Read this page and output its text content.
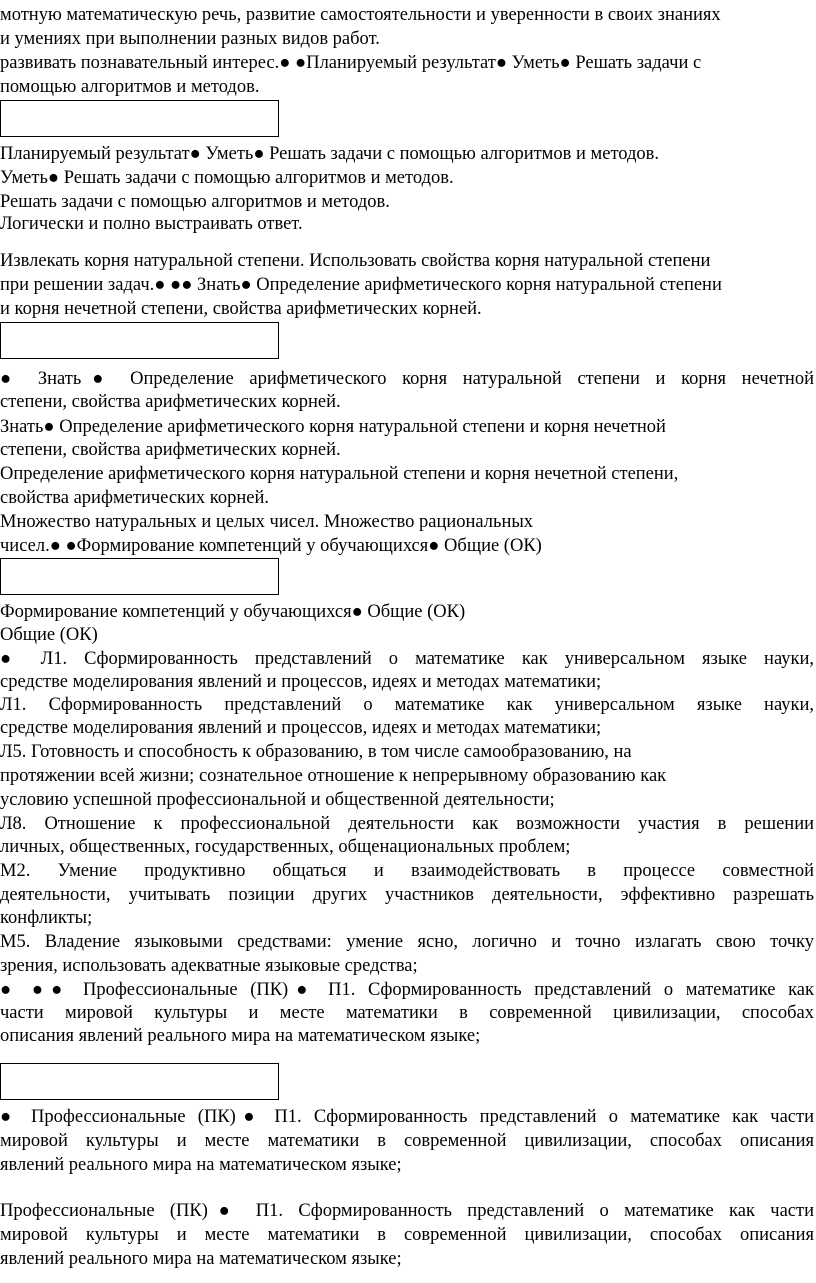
мотную математическую речь, развитие самостоятельности и уверенности в своих знаниях
и умениях при выполнении разных видов работ.
развивать познавательный интерес.● ●Планируемый результат● Уметь● Решать задачи с
помощью алгоритмов и методов.
Планируемый результат● Уметь● Решать задачи с помощью алгоритмов и методов.
Уметь● Решать задачи с помощью алгоритмов и методов.
Решать задачи с помощью алгоритмов и методов.
Логически и полно выстраивать ответ.
Извлекать корня натуральной степени. Использовать свойства корня натуральной степени
при решении задач.● ●● Знать● Определение арифметического корня натуральной степени
и корня нечетной степени, свойства арифметических корней.
● Знать● Определение арифметического корня натуральной степени и корня нечетной
степени, свойства арифметических корней.
Знать● Определение арифметического корня натуральной степени и корня нечетной
степени, свойства арифметических корней.
Определение арифметического корня натуральной степени и корня нечетной степени,
свойства арифметических корней.
Множество натуральных и целых чисел. Множество рациональных
чисел.● ●Формирование компетенций у обучающихся● Общие (ОК)
Формирование компетенций у обучающихся● Общие (ОК)
Общие (ОК)
● Л1. Сформированность представлений о математике как универсальном языке науки,
средстве моделирования явлений и процессов, идеях и методах математики;
Л1. Сформированность представлений о математике как универсальном языке науки,
средстве моделирования явлений и процессов, идеях и методах математики;
Л5. Готовность и способность к образованию, в том числе самообразованию, на
протяжении всей жизни; сознательное отношение к непрерывному образованию как
условию успешной профессиональной и общественной деятельности;
Л8. Отношение к профессиональной деятельности как возможности участия в решении
личных, общественных, государственных, общенациональных проблем;
М2. Умение продуктивно общаться и взаимодействовать в процессе совместной
деятельности, учитывать позиции других участников деятельности, эффективно разрешать
конфликты;
М5. Владение языковыми средствами: умение ясно, логично и точно излагать свою точку
зрения, использовать адекватные языковые средства;
● ●● Профессиональные (ПК)● П1. Сформированность представлений о математике как
части мировой культуры и месте математики в современной цивилизации, способах
описания явлений реального мира на математическом языке;
● Профессиональные (ПК)● П1. Сформированность представлений о математике как части
мировой культуры и месте математики в современной цивилизации, способах описания
явлений реального мира на математическом языке;
Профессиональные (ПК)● П1. Сформированность представлений о математике как части
мировой культуры и месте математики в современной цивилизации, способах описания
явлений реального мира на математическом языке;
